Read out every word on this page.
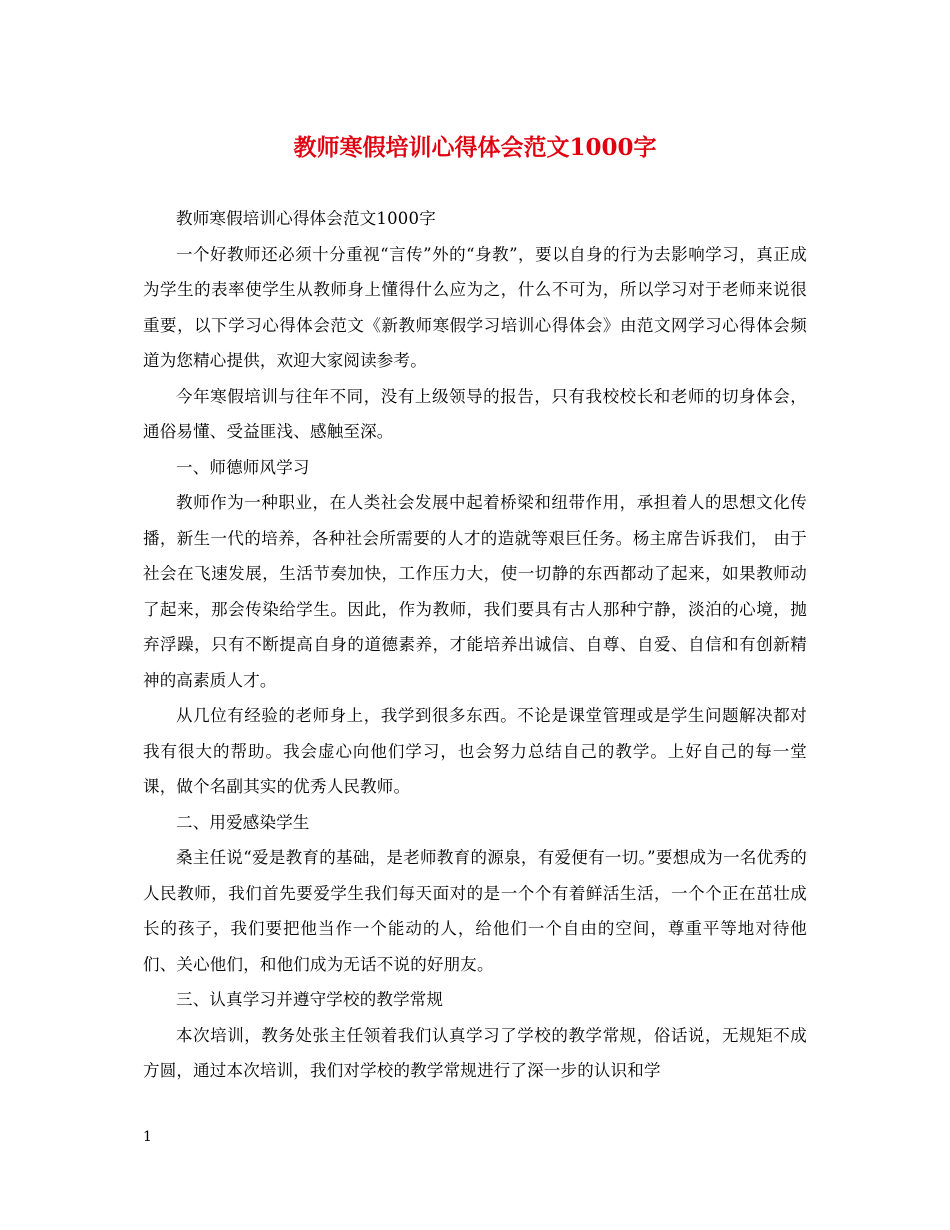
教师寒假培训心得体会范文1000字

教师寒假培训心得体会范文1000字

一个好教师还必须十分重视“言传”外的“身教”，要以自身的行为去影响学习，真正成为学生的表率使学生从教师身上懂得什么应为之，什么不可为，所以学习对于老师来说很重要，以下学习心得体会范文《新教师寒假学习培训心得体会》由范文网学习心得体会频道为您精心提供，欢迎大家阅读参考。

今年寒假培训与往年不同，没有上级领导的报告，只有我校校长和老师的切身体会，通俗易懂、受益匪浅、感触至深。

一、师德师风学习

教师作为一种职业，在人类社会发展中起着桥梁和纽带作用，承担着人的思想文化传播，新生一代的培养，各种社会所需要的人才的造就等艰巨任务。杨主席告诉我们， 由于社会在飞速发展，生活节奏加快，工作压力大，使一切静的东西都动了起来，如果教师动了起来，那会传染给学生。因此，作为教师，我们要具有古人那种宁静，淡泊的心境，抛弃浮躁，只有不断提高自身的道德素养，才能培养出诚信、自尊、自爱、自信和有创新精神的高素质人才。

从几位有经验的老师身上，我学到很多东西。不论是课堂管理或是学生问题解决都对我有很大的帮助。我会虚心向他们学习，也会努力总结自己的教学。上好自己的每一堂课，做个名副其实的优秀人民教师。

二、用爱感染学生

桑主任说“爱是教育的基础，是老师教育的源泉，有爱便有一切。”要想成为一名优秀的人民教师，我们首先要爱学生我们每天面对的是一个个有着鲜活生活，一个个正在茁壮成长的孩子，我们要把他当作一个能动的人，给他们一个自由的空间，尊重平等地对待他们、关心他们，和他们成为无话不说的好朋友。

三、认真学习并遵守学校的教学常规

本次培训，教务处张主任领着我们认真学习了学校的教学常规，俗话说，无规矩不成方圆，通过本次培训，我们对学校的教学常规进行了深一步的认识和学

1
